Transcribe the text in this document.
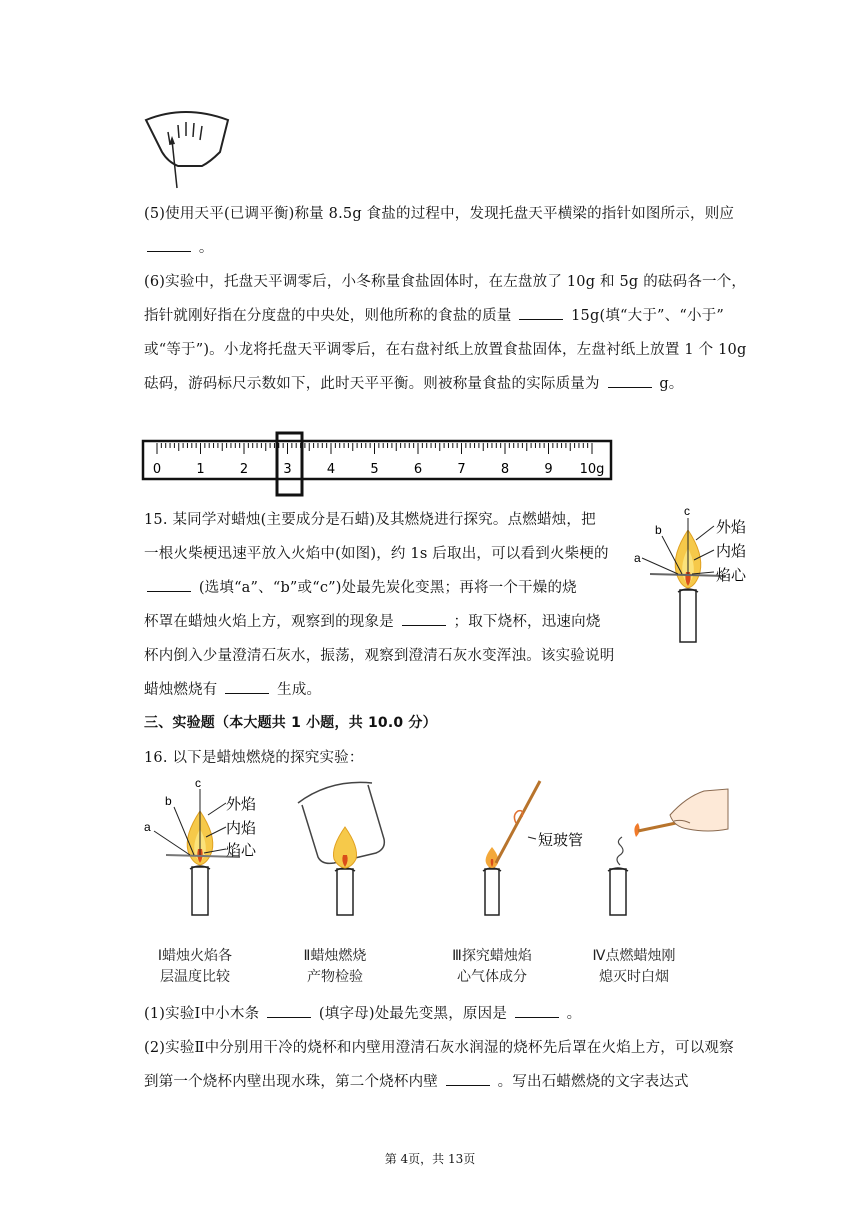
(5)使用天平(已调平衡)称量 8.5g 食盐的过程中，发现托盘天平横梁的指针如图所示，则应
。
(6)实验中，托盘天平调零后，小冬称量食盐固体时，在左盘放了 10g 和 5g 的砝码各一个，
指针就刚好指在分度盘的中央处，则他所称的食盐的质量	15g(填“大于”、“小于”
或“等于”)。小龙将托盘天平调零后，在右盘衬纸上放置食盐固体，左盘衬纸上放置 1 个 10g
砝码，游码标尺示数如下，此时天平平衡。则被称量食盐的实际质量为	g。
0	1	2	3	4	5	6	7	8	9 10g
15. 某同学对蜡烛(主要成分是石蜡)及其燃烧进行探究。点燃蜡烛，把
一根火柴梗迅速平放入火焰中(如图)，约 1s 后取出，可以看到火柴梗的
(选填“a”、“b”或“c”)处最先炭化变黑；再将一个干燥的烧
杯罩在蜡烛火焰上方，观察到的现象是	；取下烧杯，迅速向烧
杯内倒入少量澄清石灰水，振荡，观察到澄清石灰水变浑浊。该实验说明
蜡烛燃烧有	生成。
a
b
c
外焰
内焰
焰心
三、实验题（本大题共 1 小题，共 10.0 分）
16. 以下是蜡烛燃烧的探究实验：
a
b
c
外焰
内焰
焰心
短玻管
Ⅰ蜡烛火焰各
层温度比较
Ⅱ蜡烛燃烧
产物检验
Ⅲ探究蜡烛焰
心气体成分
Ⅳ点燃蜡烛刚
熄灭时白烟
(1)实验Ⅰ中小木条	(填字母)处最先变黑，原因是	。
(2)实验Ⅱ中分别用干冷的烧杯和内壁用澄清石灰水润湿的烧杯先后罩在火焰上方，可以观察
到第一个烧杯内壁出现水珠，第二个烧杯内壁	。写出石蜡燃烧的文字表达式
第 4页，共 13页
